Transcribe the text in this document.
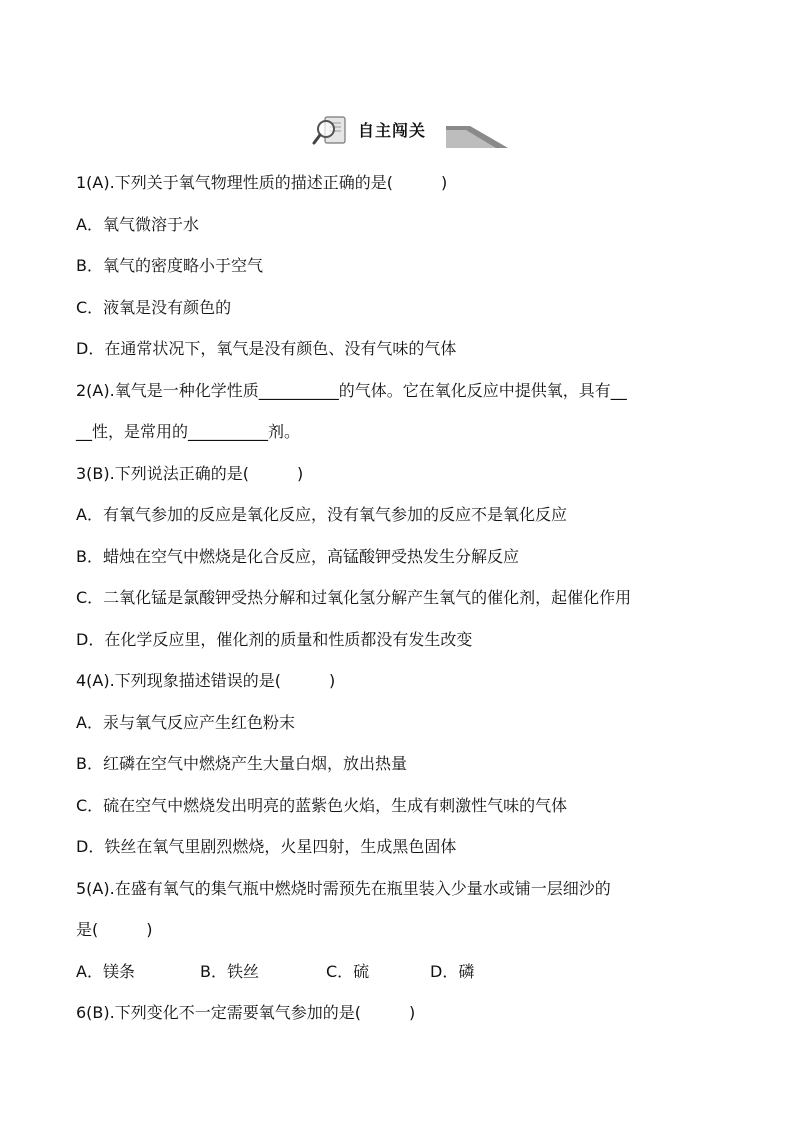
自主闯关
1(A).下列关于氧气物理性质的描述正确的是(　　　)
A．氧气微溶于水
B．氧气的密度略小于空气
C．液氧是没有颜色的
D．在通常状况下，氧气是没有颜色、没有气味的气体
2(A).氧气是一种化学性质__________的气体。它在氧化反应中提供氧，具有__
__性，是常用的__________剂。
3(B).下列说法正确的是(　　　)
A．有氧气参加的反应是氧化反应，没有氧气参加的反应不是氧化反应
B．蜡烛在空气中燃烧是化合反应，高锰酸钾受热发生分解反应
C．二氧化锰是氯酸钾受热分解和过氧化氢分解产生氧气的催化剂，起催化作用
D．在化学反应里，催化剂的质量和性质都没有发生改变
4(A).下列现象描述错误的是(　　　)
A．汞与氧气反应产生红色粉末
B．红磷在空气中燃烧产生大量白烟，放出热量
C．硫在空气中燃烧发出明亮的蓝紫色火焰，生成有刺激性气味的气体
D．铁丝在氧气里剧烈燃烧，火星四射，生成黑色固体
5(A).在盛有氧气的集气瓶中燃烧时需预先在瓶里装入少量水或铺一层细沙的
是(　　　)
A．镁条	B．铁丝	C．硫	D．磷
6(B).下列变化不一定需要氧气参加的是(　　　)
